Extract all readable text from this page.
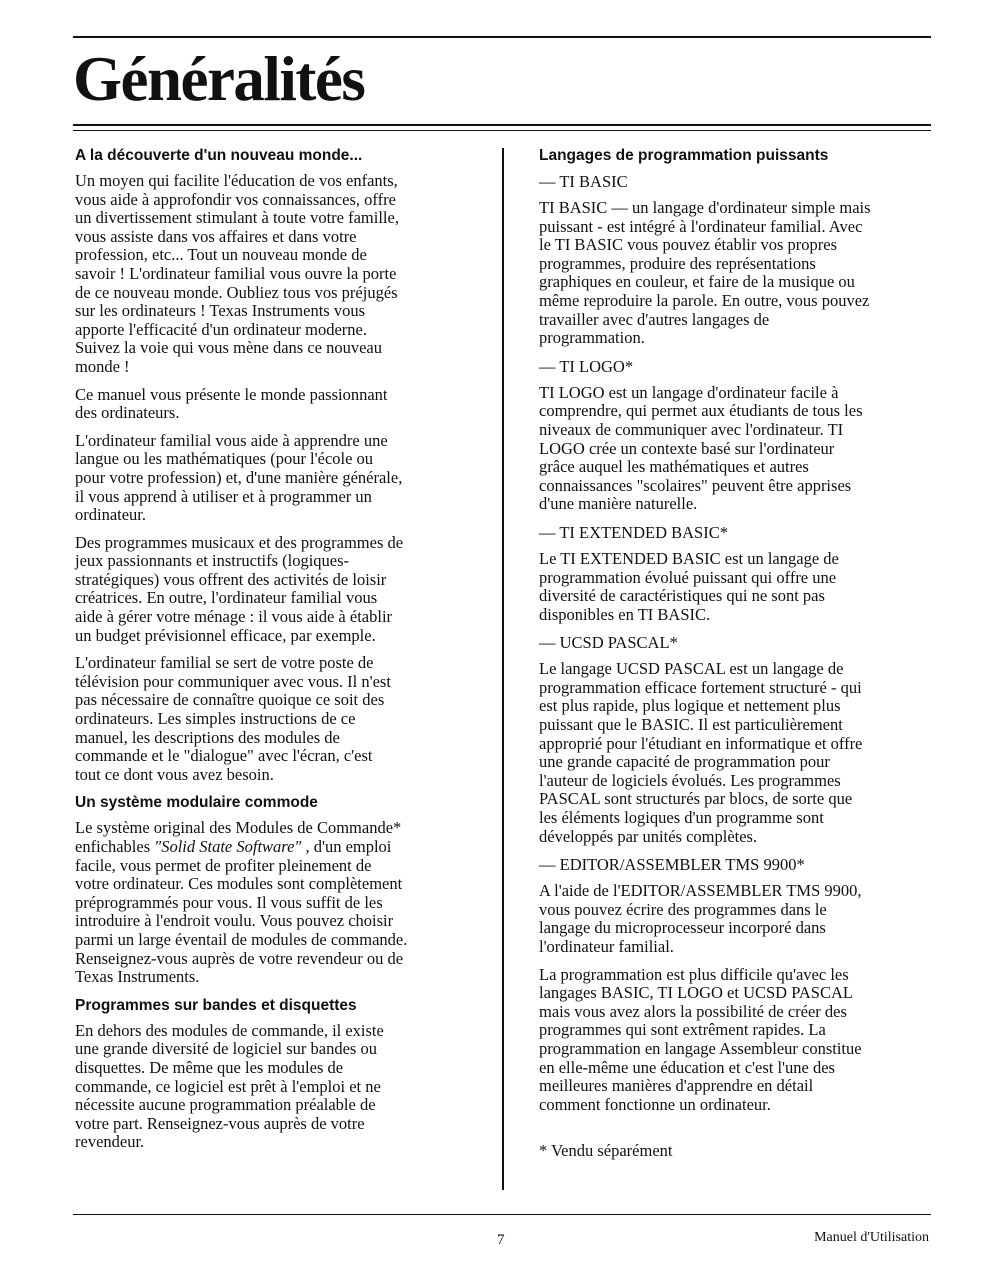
Généralités
A la découverte d'un nouveau monde...
Un moyen qui facilite l'éducation de vos enfants,
vous aide à approfondir vos connaissances, offre
un divertissement stimulant à toute votre famille,
vous assiste dans vos affaires et dans votre
profession, etc... Tout un nouveau monde de
savoir ! L'ordinateur familial vous ouvre la porte
de ce nouveau monde. Oubliez tous vos préjugés
sur les ordinateurs ! Texas Instruments vous
apporte l'efficacité d'un ordinateur moderne.
Suivez la voie qui vous mène dans ce nouveau
monde !
Ce manuel vous présente le monde passionnant
des ordinateurs.
L'ordinateur familial vous aide à apprendre une
langue ou les mathématiques (pour l'école ou
pour votre profession) et, d'une manière générale,
il vous apprend à utiliser et à programmer un
ordinateur.
Des programmes musicaux et des programmes de
jeux passionnants et instructifs (logiques-
stratégiques) vous offrent des activités de loisir
créatrices. En outre, l'ordinateur familial vous
aide à gérer votre ménage : il vous aide à établir
un budget prévisionnel efficace, par exemple.
L'ordinateur familial se sert de votre poste de
télévision pour communiquer avec vous. Il n'est
pas nécessaire de connaître quoique ce soit des
ordinateurs. Les simples instructions de ce
manuel, les descriptions des modules de
commande et le "dialogue" avec l'écran, c'est
tout ce dont vous avez besoin.
Un système modulaire commode
Le système original des Modules de Commande*
enfichables "Solid State Software" , d'un emploi
facile, vous permet de profiter pleinement de
votre ordinateur. Ces modules sont complètement
préprogrammés pour vous. Il vous suffit de les
introduire à l'endroit voulu. Vous pouvez choisir
parmi un large éventail de modules de commande.
Renseignez-vous auprès de votre revendeur ou de
Texas Instruments.
Programmes sur bandes et disquettes
En dehors des modules de commande, il existe
une grande diversité de logiciel sur bandes ou
disquettes. De même que les modules de
commande, ce logiciel est prêt à l'emploi et ne
nécessite aucune programmation préalable de
votre part. Renseignez-vous auprès de votre
revendeur.
Langages de programmation puissants
— TI BASIC
TI BASIC — un langage d'ordinateur simple mais
puissant - est intégré à l'ordinateur familial. Avec
le TI BASIC vous pouvez établir vos propres
programmes, produire des représentations
graphiques en couleur, et faire de la musique ou
même reproduire la parole. En outre, vous pouvez
travailler avec d'autres langages de
programmation.
— TI LOGO*
TI LOGO est un langage d'ordinateur facile à
comprendre, qui permet aux étudiants de tous les
niveaux de communiquer avec l'ordinateur. TI
LOGO crée un contexte basé sur l'ordinateur
grâce auquel les mathématiques et autres
connaissances "scolaires" peuvent être apprises
d'une manière naturelle.
— TI EXTENDED BASIC*
Le TI EXTENDED BASIC est un langage de
programmation évolué puissant qui offre une
diversité de caractéristiques qui ne sont pas
disponibles en TI BASIC.
— UCSD PASCAL*
Le langage UCSD PASCAL est un langage de
programmation efficace fortement structuré - qui
est plus rapide, plus logique et nettement plus
puissant que le BASIC. Il est particulièrement
approprié pour l'étudiant en informatique et offre
une grande capacité de programmation pour
l'auteur de logiciels évolués. Les programmes
PASCAL sont structurés par blocs, de sorte que
les éléments logiques d'un programme sont
développés par unités complètes.
— EDITOR/ASSEMBLER TMS 9900*
A l'aide de l'EDITOR/ASSEMBLER TMS 9900,
vous pouvez écrire des programmes dans le
langage du microprocesseur incorporé dans
l'ordinateur familial.
La programmation est plus difficile qu'avec les
langages BASIC, TI LOGO et UCSD PASCAL
mais vous avez alors la possibilité de créer des
programmes qui sont extrêment rapides. La
programmation en langage Assembleur constitue
en elle-même une éducation et c'est l'une des
meilleures manières d'apprendre en détail
comment fonctionne un ordinateur.
* Vendu séparément
7	Manuel d'Utilisation
